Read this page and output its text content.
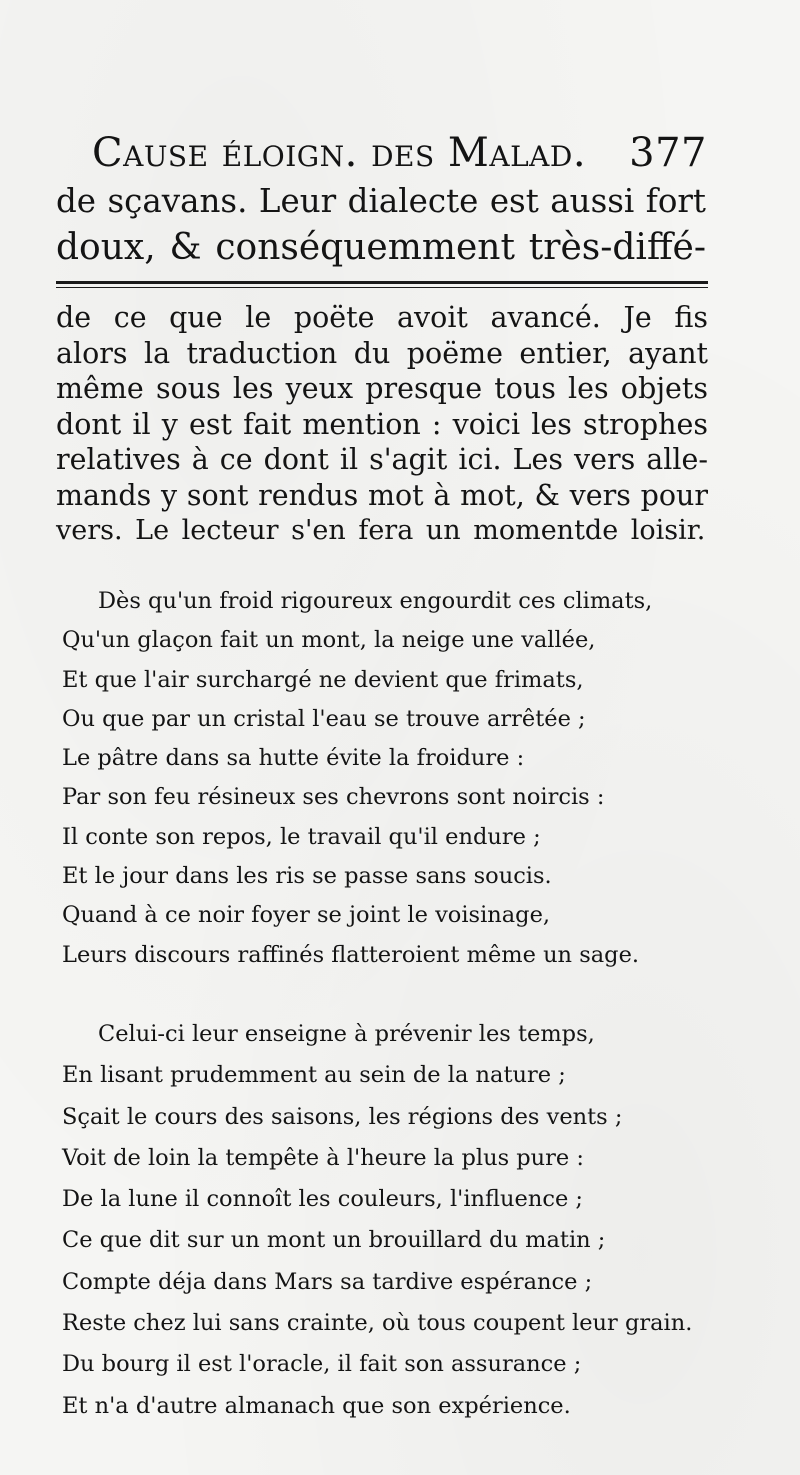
Cause éloign. des Malad. 377
de sçavans. Leur dialecte est aussi fort
doux, & conséquemment très-diffé-
de ce que le poëte avoit avancé. Je fis
alors la traduction du poëme entier, ayant
même sous les yeux presque tous les objets
dont il y est fait mention : voici les strophes
relatives à ce dont il s'agit ici. Les vers alle-
mands y sont rendus mot à mot, & vers pour
vers. Le lecteur s'en fera un momentde loisir.
Dès qu'un froid rigoureux engourdit ces climats,
Qu'un glaçon fait un mont, la neige une vallée,
Et que l'air surchargé ne devient que frimats,
Ou que par un cristal l'eau se trouve arrêtée ;
Le pâtre dans sa hutte évite la froidure :
Par son feu résineux ses chevrons sont noircis :
Il conte son repos, le travail qu'il endure ;
Et le jour dans les ris se passe sans soucis.
Quand à ce noir foyer se joint le voisinage,
Leurs discours raffinés flatteroient même un sage.
Celui-ci leur enseigne à prévenir les temps,
En lisant prudemment au sein de la nature ;
Sçait le cours des saisons, les régions des vents ;
Voit de loin la tempête à l'heure la plus pure :
De la lune il connoît les couleurs, l'influence ;
Ce que dit sur un mont un brouillard du matin ;
Compte déja dans Mars sa tardive espérance ;
Reste chez lui sans crainte, où tous coupent leur grain.
Du bourg il est l'oracle, il fait son assurance ;
Et n'a d'autre almanach que son expérience.
